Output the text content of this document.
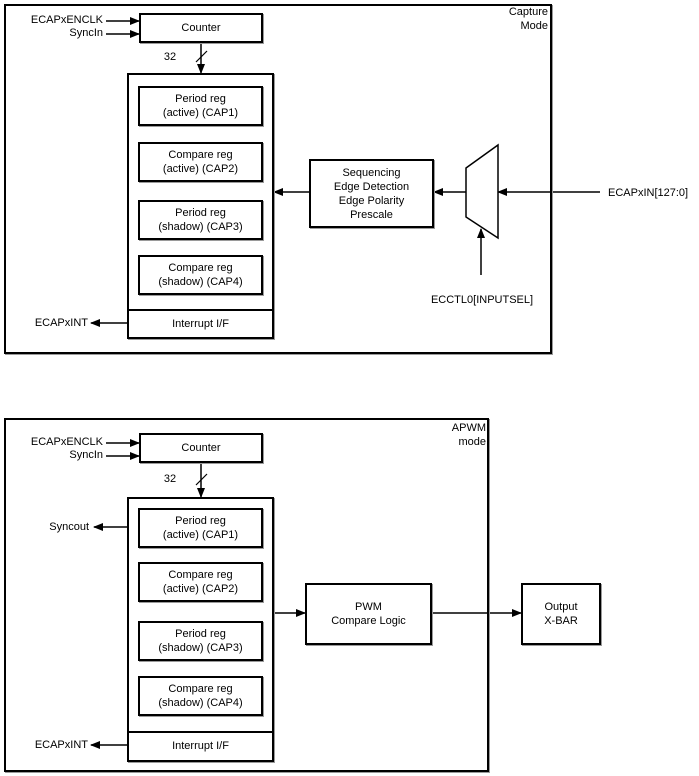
Capture
Mode
ECAPxENCLK
SyncIn	Counter
32
Period reg
(active) (CAP1)
Compare reg
(active) (CAP2)
Period reg
(shadow) (CAP3)
Compare reg
(shadow) (CAP4)
Interrupt I/F
ECAPxINT
Sequencing
Edge Detection
Edge Polarity
Prescale
ECAPxIN[127:0]
ECCTL0[INPUTSEL]
APWM
mode
ECAPxENCLK
SyncIn
Counter
32
Syncout	Period reg
(active) (CAP1)
Compare reg
(active) (CAP2)
Period reg
(shadow) (CAP3)
Compare reg
(shadow) (CAP4)
Interrupt I/F
ECAPxINT
PWM
Compare Logic
Output
X-BAR
